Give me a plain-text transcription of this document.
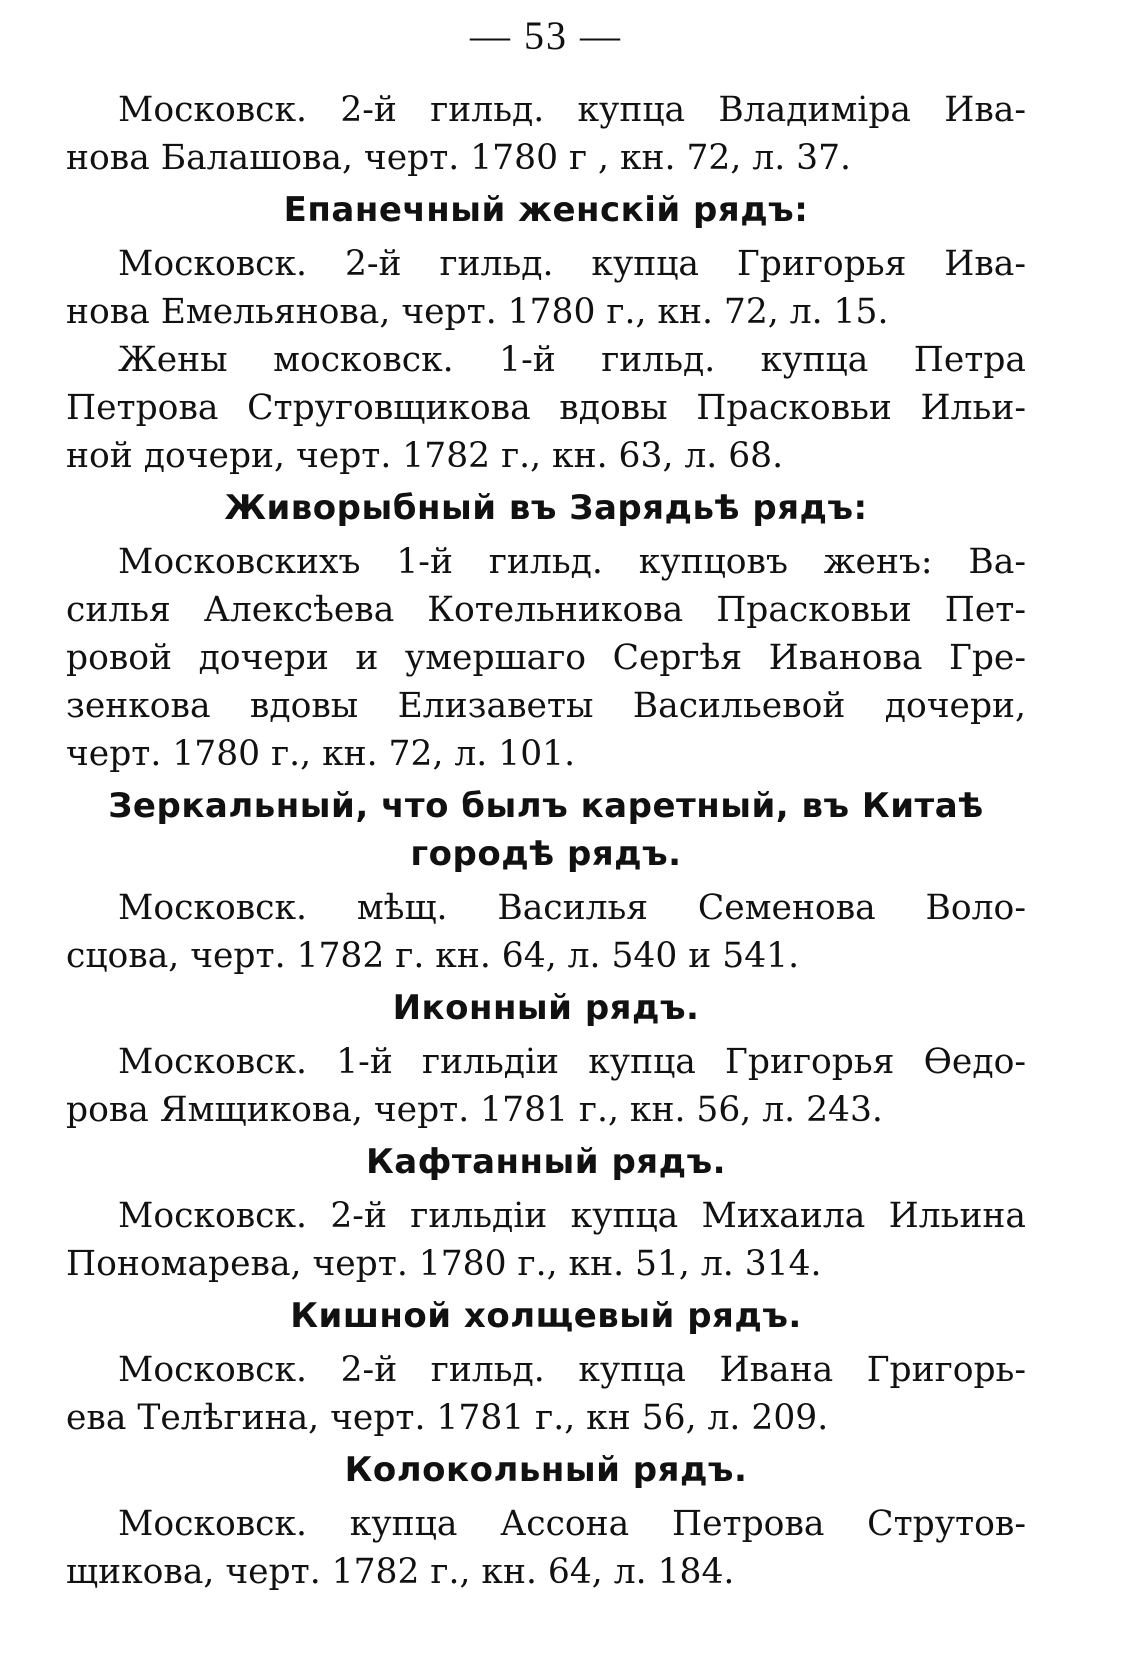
— 53 —
Московск. 2-й гильд. купца Владиміра Ива-
нова Балашова, черт. 1780 г , кн. 72, л. 37.
Епанечный женскій рядъ:
Московск. 2-й гильд. купца Григорья Ива-
нова Емельянова, черт. 1780 г., кн. 72, л. 15.
Жены московск. 1-й гильд. купца Петра
Петрова Струговщикова вдовы Прасковьи Ильи-
ной дочери, черт. 1782 г., кн. 63, л. 68.
Живорыбный въ Зарядьѣ рядъ:
Московскихъ 1-й гильд. купцовъ женъ: Ва-
силья Алексѣева Котельникова Прасковьи Пет-
ровой дочери и умершаго Сергѣя Иванова Гре-
зенкова вдовы Елизаветы Васильевой дочери,
черт. 1780 г., кн. 72, л. 101.
Зеркальный, что былъ каретный, въ Китаѣ
городѣ рядъ.
Московск. мѣщ. Василья Семенова Воло-
сцова, черт. 1782 г. кн. 64, л. 540 и 541.
Иконный рядъ.
Московск. 1-й гильдіи купца Григорья Ѳедо-
рова Ямщикова, черт. 1781 г., кн. 56, л. 243.
Кафтанный рядъ.
Московск. 2-й гильдіи купца Михаила Ильина
Пономарева, черт. 1780 г., кн. 51, л. 314.
Кишной холщевый рядъ.
Московск. 2-й гильд. купца Ивана Григорь-
ева Телѣгина, черт. 1781 г., кн 56, л. 209.
Колокольный рядъ.
Московск. купца Ассона Петрова Струтов-
щикова, черт. 1782 г., кн. 64, л. 184.
